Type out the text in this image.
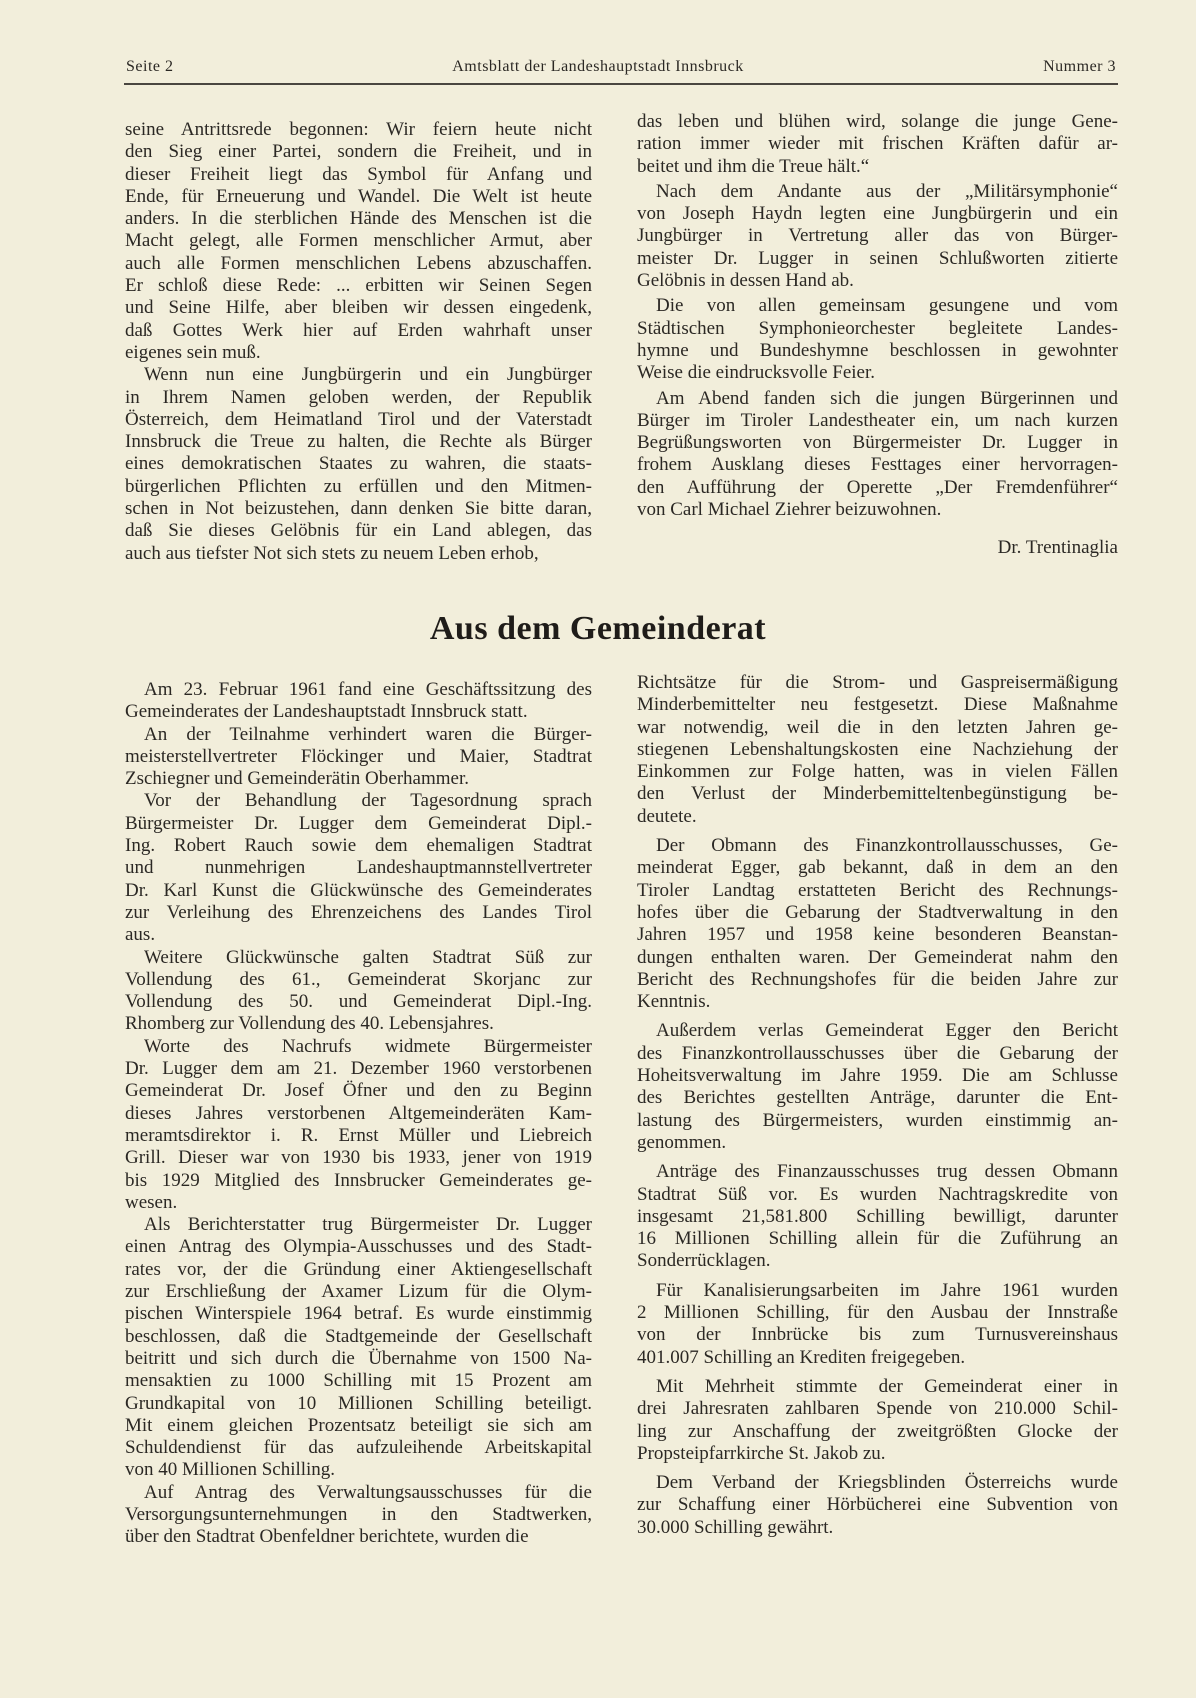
Seite 2	Amtsblatt der Landeshauptstadt Innsbruck	Nummer 3
seine Antrittsrede begonnen: Wir feiern heute nicht
den Sieg einer Partei, sondern die Freiheit, und in
dieser Freiheit liegt das Symbol für Anfang und
Ende, für Erneuerung und Wandel. Die Welt ist heute
anders. In die sterblichen Hände des Menschen ist die
Macht gelegt, alle Formen menschlicher Armut, aber
auch alle Formen menschlichen Lebens abzuschaffen.
Er schloß diese Rede: ... erbitten wir Seinen Segen
und Seine Hilfe, aber bleiben wir dessen eingedenk,
daß Gottes Werk hier auf Erden wahrhaft unser
eigenes sein muß.
Wenn nun eine Jungbürgerin und ein Jungbürger
in Ihrem Namen geloben werden, der Republik
Österreich, dem Heimatland Tirol und der Vaterstadt
Innsbruck die Treue zu halten, die Rechte als Bürger
eines demokratischen Staates zu wahren, die staats-
bürgerlichen Pflichten zu erfüllen und den Mitmen-
schen in Not beizustehen, dann denken Sie bitte daran,
daß Sie dieses Gelöbnis für ein Land ablegen, das
auch aus tiefster Not sich stets zu neuem Leben erhob,
das leben und blühen wird, solange die junge Gene-
ration immer wieder mit frischen Kräften dafür ar-
beitet und ihm die Treue hält.“
Nach dem Andante aus der „Militärsymphonie“
von Joseph Haydn legten eine Jungbürgerin und ein
Jungbürger in Vertretung aller das von Bürger-
meister Dr. Lugger in seinen Schlußworten zitierte
Gelöbnis in dessen Hand ab.
Die von allen gemeinsam gesungene und vom
Städtischen Symphonieorchester begleitete Landes-
hymne und Bundeshymne beschlossen in gewohnter
Weise die eindrucksvolle Feier.
Am Abend fanden sich die jungen Bürgerinnen und
Bürger im Tiroler Landestheater ein, um nach kurzen
Begrüßungsworten von Bürgermeister Dr. Lugger in
frohem Ausklang dieses Festtages einer hervorragen-
den Aufführung der Operette „Der Fremdenführer“
von Carl Michael Ziehrer beizuwohnen.
Dr. Trentinaglia
Aus dem Gemeinderat
Am 23. Februar 1961 fand eine Geschäftssitzung des
Gemeinderates der Landeshauptstadt Innsbruck statt.
An der Teilnahme verhindert waren die Bürger-
meisterstellvertreter Flöckinger und Maier, Stadtrat
Zschiegner und Gemeinderätin Oberhammer.
Vor der Behandlung der Tagesordnung sprach
Bürgermeister Dr. Lugger dem Gemeinderat Dipl.-
Ing. Robert Rauch sowie dem ehemaligen Stadtrat
und nunmehrigen Landeshauptmannstellvertreter
Dr. Karl Kunst die Glückwünsche des Gemeinderates
zur Verleihung des Ehrenzeichens des Landes Tirol
aus.
Weitere Glückwünsche galten Stadtrat Süß zur
Vollendung des 61., Gemeinderat Skorjanc zur
Vollendung des 50. und Gemeinderat Dipl.-Ing.
Rhomberg zur Vollendung des 40. Lebensjahres.
Worte des Nachrufs widmete Bürgermeister
Dr. Lugger dem am 21. Dezember 1960 verstorbenen
Gemeinderat Dr. Josef Öfner und den zu Beginn
dieses Jahres verstorbenen Altgemeinderäten Kam-
meramtsdirektor i. R. Ernst Müller und Liebreich
Grill. Dieser war von 1930 bis 1933, jener von 1919
bis 1929 Mitglied des Innsbrucker Gemeinderates ge-
wesen.
Als Berichterstatter trug Bürgermeister Dr. Lugger
einen Antrag des Olympia-Ausschusses und des Stadt-
rates vor, der die Gründung einer Aktiengesellschaft
zur Erschließung der Axamer Lizum für die Olym-
pischen Winterspiele 1964 betraf. Es wurde einstimmig
beschlossen, daß die Stadtgemeinde der Gesellschaft
beitritt und sich durch die Übernahme von 1500 Na-
mensaktien zu 1000 Schilling mit 15 Prozent am
Grundkapital von 10 Millionen Schilling beteiligt.
Mit einem gleichen Prozentsatz beteiligt sie sich am
Schuldendienst für das aufzuleihende Arbeitskapital
von 40 Millionen Schilling.
Auf Antrag des Verwaltungsausschusses für die
Versorgungsunternehmungen in den Stadtwerken,
über den Stadtrat Obenfeldner berichtete, wurden die
Richtsätze für die Strom- und Gaspreisermäßigung
Minderbemittelter neu festgesetzt. Diese Maßnahme
war notwendig, weil die in den letzten Jahren ge-
stiegenen Lebenshaltungskosten eine Nachziehung der
Einkommen zur Folge hatten, was in vielen Fällen
den Verlust der Minderbemitteltenbegünstigung be-
deutete.
Der Obmann des Finanzkontrollausschusses, Ge-
meinderat Egger, gab bekannt, daß in dem an den
Tiroler Landtag erstatteten Bericht des Rechnungs-
hofes über die Gebarung der Stadtverwaltung in den
Jahren 1957 und 1958 keine besonderen Beanstan-
dungen enthalten waren. Der Gemeinderat nahm den
Bericht des Rechnungshofes für die beiden Jahre zur
Kenntnis.
Außerdem verlas Gemeinderat Egger den Bericht
des Finanzkontrollausschusses über die Gebarung der
Hoheitsverwaltung im Jahre 1959. Die am Schlusse
des Berichtes gestellten Anträge, darunter die Ent-
lastung des Bürgermeisters, wurden einstimmig an-
genommen.
Anträge des Finanzausschusses trug dessen Obmann
Stadtrat Süß vor. Es wurden Nachtragskredite von
insgesamt 21,581.800 Schilling bewilligt, darunter
16 Millionen Schilling allein für die Zuführung an
Sonderrücklagen.
Für Kanalisierungsarbeiten im Jahre 1961 wurden
2 Millionen Schilling, für den Ausbau der Innstraße
von der Innbrücke bis zum Turnusvereinshaus
401.007 Schilling an Krediten freigegeben.
Mit Mehrheit stimmte der Gemeinderat einer in
drei Jahresraten zahlbaren Spende von 210.000 Schil-
ling zur Anschaffung der zweitgrößten Glocke der
Propsteipfarrkirche St. Jakob zu.
Dem Verband der Kriegsblinden Österreichs wurde
zur Schaffung einer Hörbücherei eine Subvention von
30.000 Schilling gewährt.
